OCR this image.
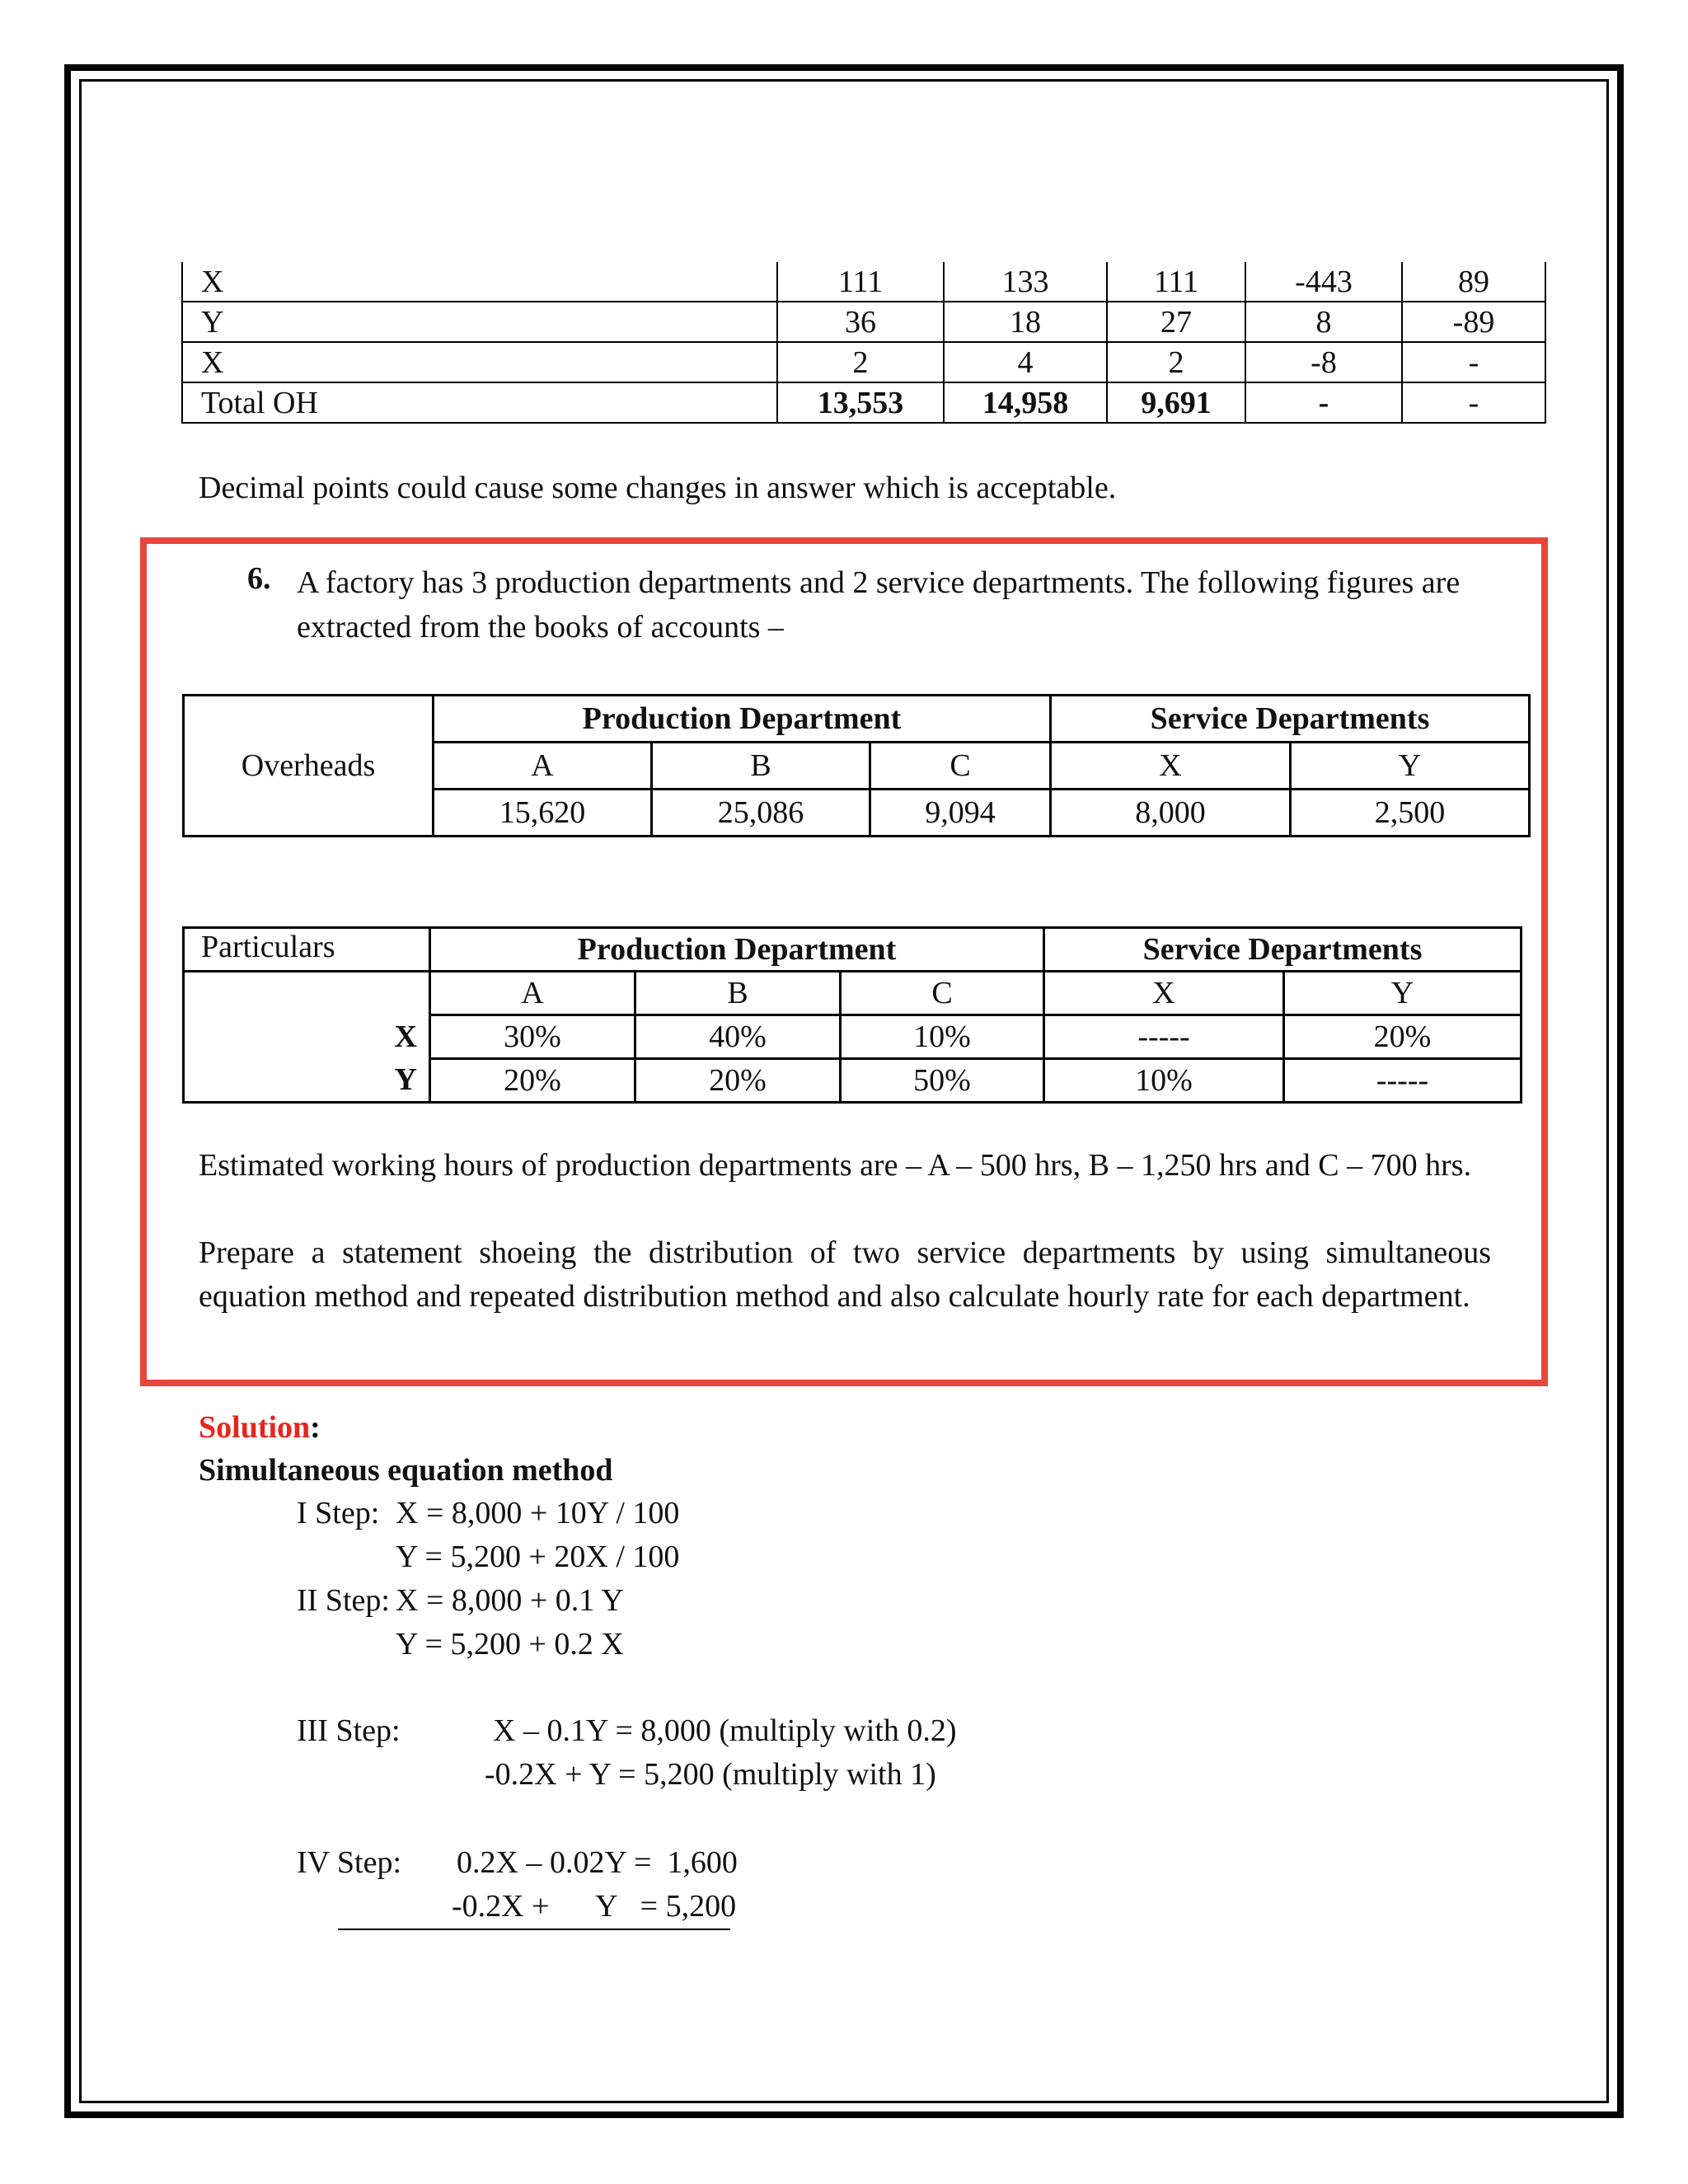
X	111	133	111	-443	89
Y	36	18	27	8	-89
X	2	4	2	-8	-
Total OH	13,553	14,958	9,691	-	-
Decimal points could cause some changes in answer which is acceptable.
6. A factory has 3 production departments and 2 service departments. The following figures are extracted from the books of accounts –
Overheads	Production Department			Service Departments	
	A	B	C	X	Y
	15,620	25,086	9,094	8,000	2,500
Particulars	Production Department			Service Departments	
	A	B	C	X	Y
X	30%	40%	10%	-----	20%
Y	20%	20%	50%	10%	-----
Estimated working hours of production departments are – A – 500 hrs, B – 1,250 hrs and C – 700 hrs.
Prepare a statement shoeing the distribution of two service departments by using simultaneous equation method and repeated distribution method and also calculate hourly rate for each department.
Solution:
Simultaneous equation method
I Step: X = 8,000 + 10Y / 100
Y = 5,200 + 20X / 100
II Step: X = 8,000 + 0.1 Y
Y = 5,200 + 0.2 X
III Step:	X – 0.1Y = 8,000 (multiply with 0.2)
-0.2X + Y = 5,200 (multiply with 1)
IV Step: 0.2X – 0.02Y =  1,600
-0.2X +      Y   = 5,200
